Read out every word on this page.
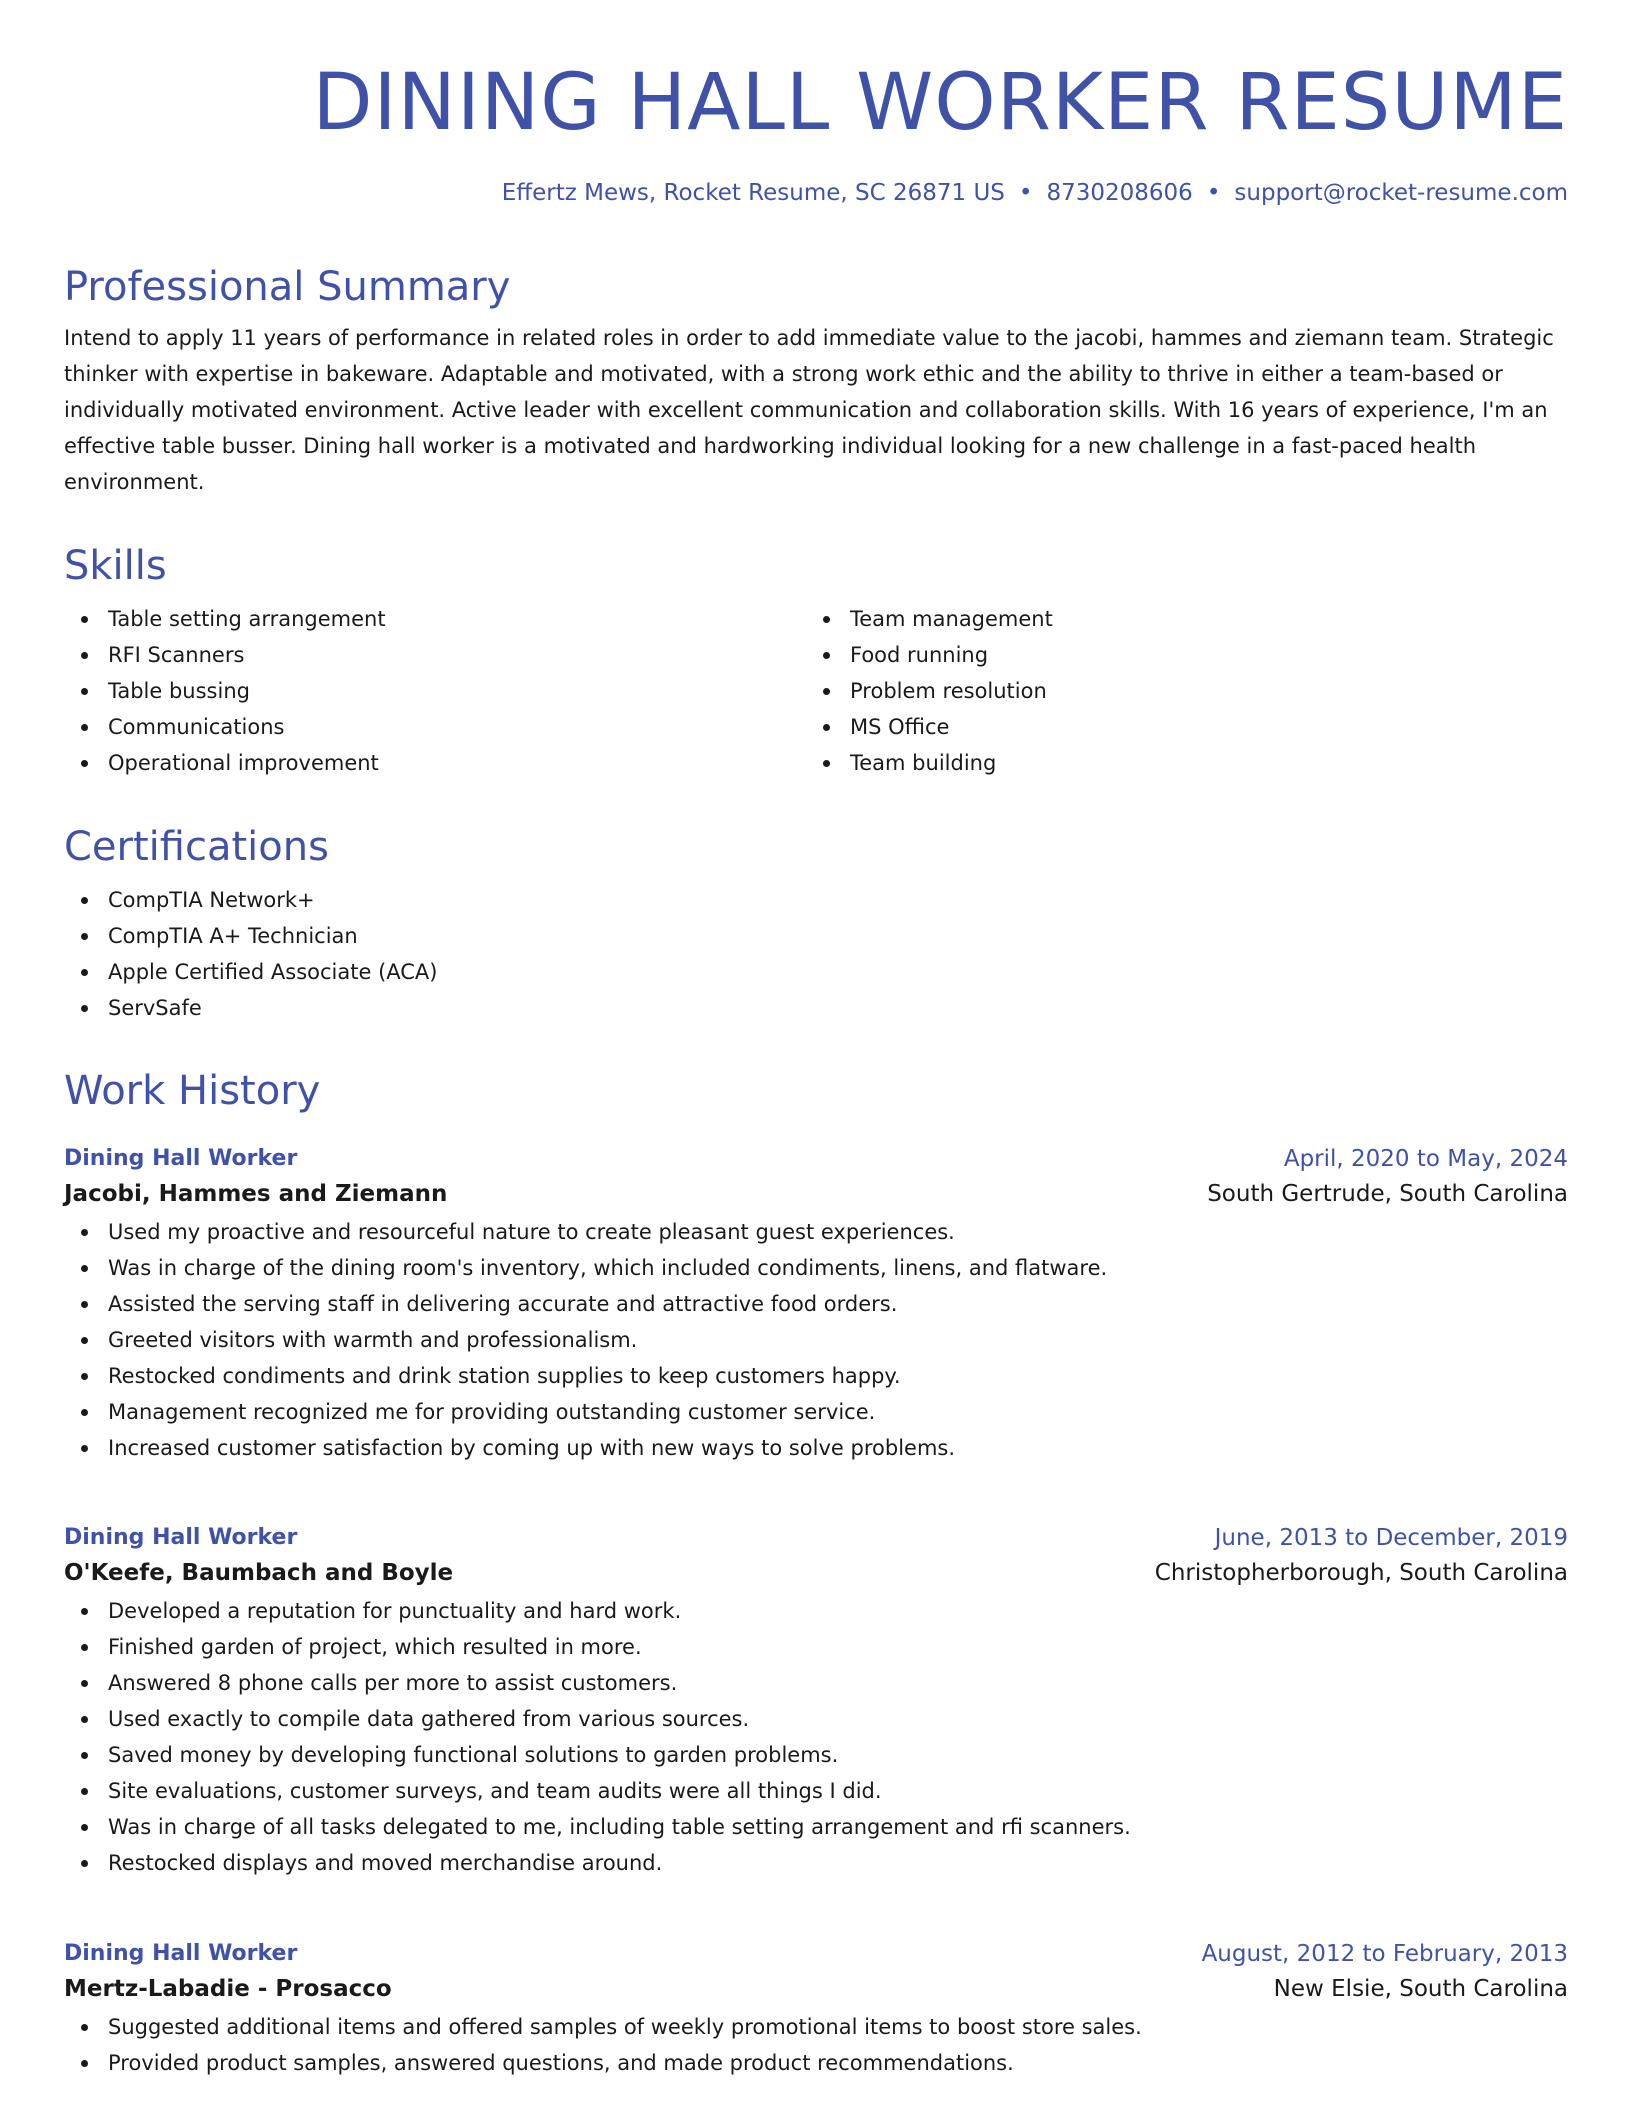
DINING HALL WORKER RESUME
Effertz Mews, Rocket Resume, SC 26871 US • 8730208606 • support@rocket-resume.com
Professional Summary

Intend to apply 11 years of performance in related roles in order to add immediate value to the jacobi, hammes and ziemann team. Strategic thinker with expertise in bakeware. Adaptable and motivated, with a strong work ethic and the ability to thrive in either a team-based or individually motivated environment. Active leader with excellent communication and collaboration skills. With 16 years of experience, I'm an effective table busser. Dining hall worker is a motivated and hardworking individual looking for a new challenge in a fast-paced health environment.

Skills
Table setting arrangement
RFI Scanners
Table bussing
Communications
Operational improvement
Team management
Food running
Problem resolution
MS Office
Team building
Certifications
CompTIA Network+
CompTIA A+ Technician
Apple Certified Associate (ACA)
ServSafe
Work History
Dining Hall Worker	April, 2020 to May, 2024
Jacobi, Hammes and Ziemann	South Gertrude, South Carolina
Used my proactive and resourceful nature to create pleasant guest experiences.
Was in charge of the dining room's inventory, which included condiments, linens, and flatware.
Assisted the serving staff in delivering accurate and attractive food orders.
Greeted visitors with warmth and professionalism.
Restocked condiments and drink station supplies to keep customers happy.
Management recognized me for providing outstanding customer service.
Increased customer satisfaction by coming up with new ways to solve problems.
Dining Hall Worker	June, 2013 to December, 2019
O'Keefe, Baumbach and Boyle	Christopherborough, South Carolina
Developed a reputation for punctuality and hard work.
Finished garden of project, which resulted in more.
Answered 8 phone calls per more to assist customers.
Used exactly to compile data gathered from various sources.
Saved money by developing functional solutions to garden problems.
Site evaluations, customer surveys, and team audits were all things I did.
Was in charge of all tasks delegated to me, including table setting arrangement and rfi scanners.
Restocked displays and moved merchandise around.
Dining Hall Worker	August, 2012 to February, 2013
Mertz-Labadie - Prosacco	New Elsie, South Carolina
Suggested additional items and offered samples of weekly promotional items to boost store sales.
Provided product samples, answered questions, and made product recommendations.
